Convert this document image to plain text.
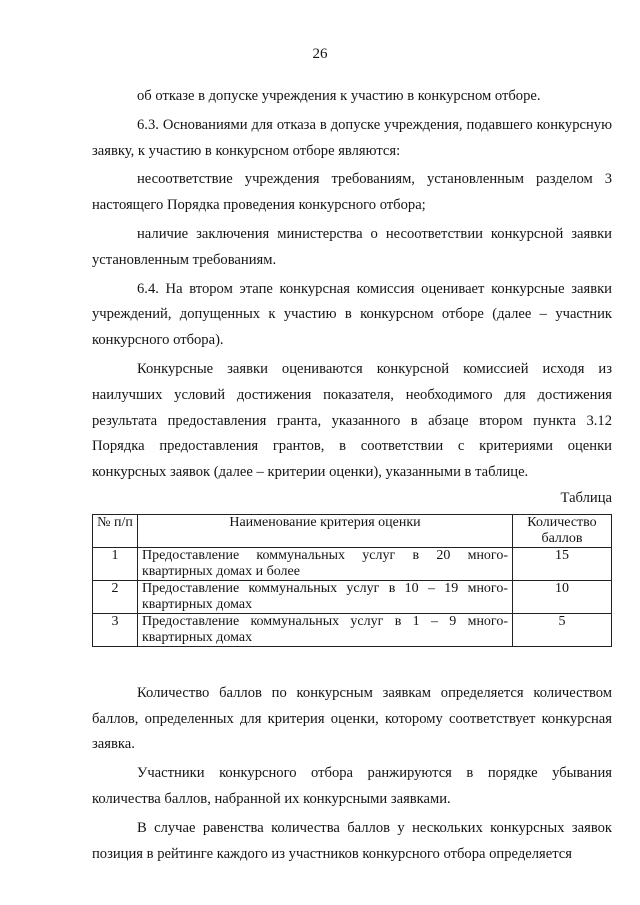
26

об отказе в допуске учреждения к участию в конкурсном отборе.

6.3. Основаниями для отказа в допуске учреждения, подавшего конкурсную заявку, к участию в конкурсном отборе являются:

несоответствие учреждения требованиям, установленным разделом 3 настоящего Порядка проведения конкурсного отбора;

наличие заключения министерства о несоответствии конкурсной заявки установленным требованиям.

6.4. На втором этапе конкурсная комиссия оценивает конкурсные заявки учреждений, допущенных к участию в конкурсном отборе (далее – участник конкурсного отбора).

Конкурсные заявки оцениваются конкурсной комиссией исходя из наилучших условий достижения показателя, необходимого для достижения результата предоставления гранта, указанного в абзаце втором пункта 3.12 Порядка предоставления грантов, в соответствии с критериями оценки конкурсных заявок (далее – критерии оценки), указанными в таблице.

Таблица

№ п/п	Наименование критерия оценки	Количество баллов
1	Предоставление коммунальных услуг в 20 много-квартирных домах и более	15
2	Предоставление коммунальных услуг в 10 – 19 много-квартирных домах	10
3	Предоставление коммунальных услуг в 1 – 9 много-квартирных домах	5

Количество баллов по конкурсным заявкам определяется количеством баллов, определенных для критерия оценки, которому соответствует конкурсная заявка.

Участники конкурсного отбора ранжируются в порядке убывания количества баллов, набранной их конкурсными заявками.

В случае равенства количества баллов у нескольких конкурсных заявок позиция в рейтинге каждого из участников конкурсного отбора определяется
